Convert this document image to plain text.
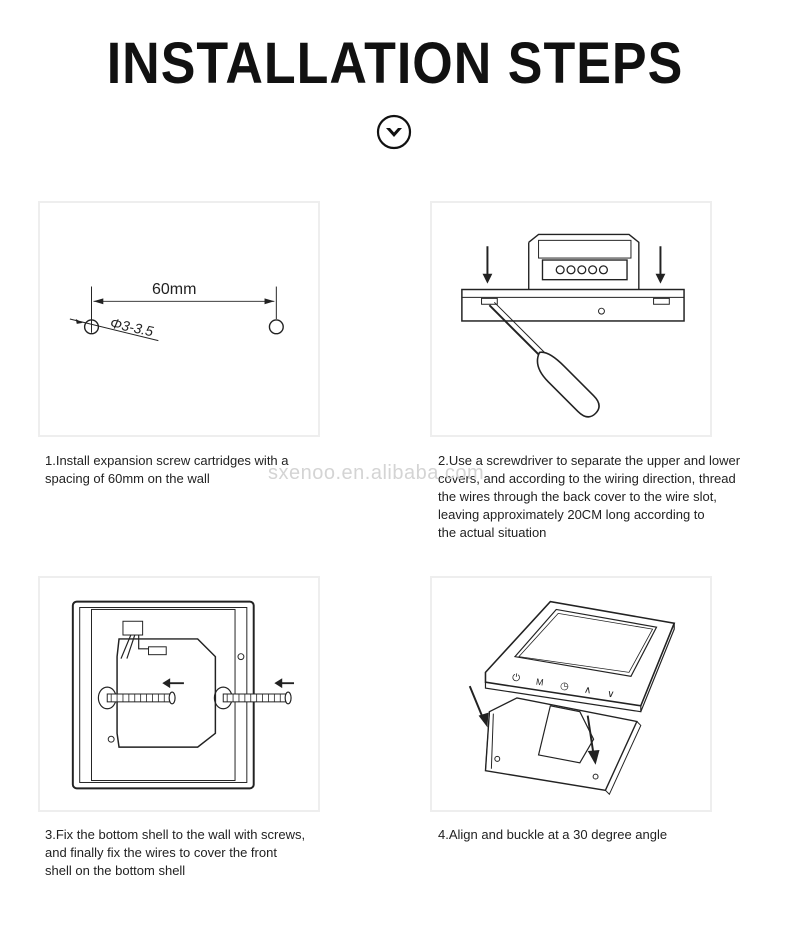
INSTALLATION STEPS
60mm
Φ3-3.5
⏻ M ◷ ∧ ∨
1.Install expansion screw cartridges with a
spacing of 60mm on the wall
2.Use a screwdriver to separate the upper and lower
covers, and according to the wiring direction, thread
the wires through the back cover to the wire slot,
leaving approximately 20CM long according to
the actual situation
3.Fix the bottom shell to the wall with screws,
and finally fix the wires to cover the front
shell on the bottom shell
4.Align and buckle at a 30 degree angle
sxenoo.en.alibaba.com
